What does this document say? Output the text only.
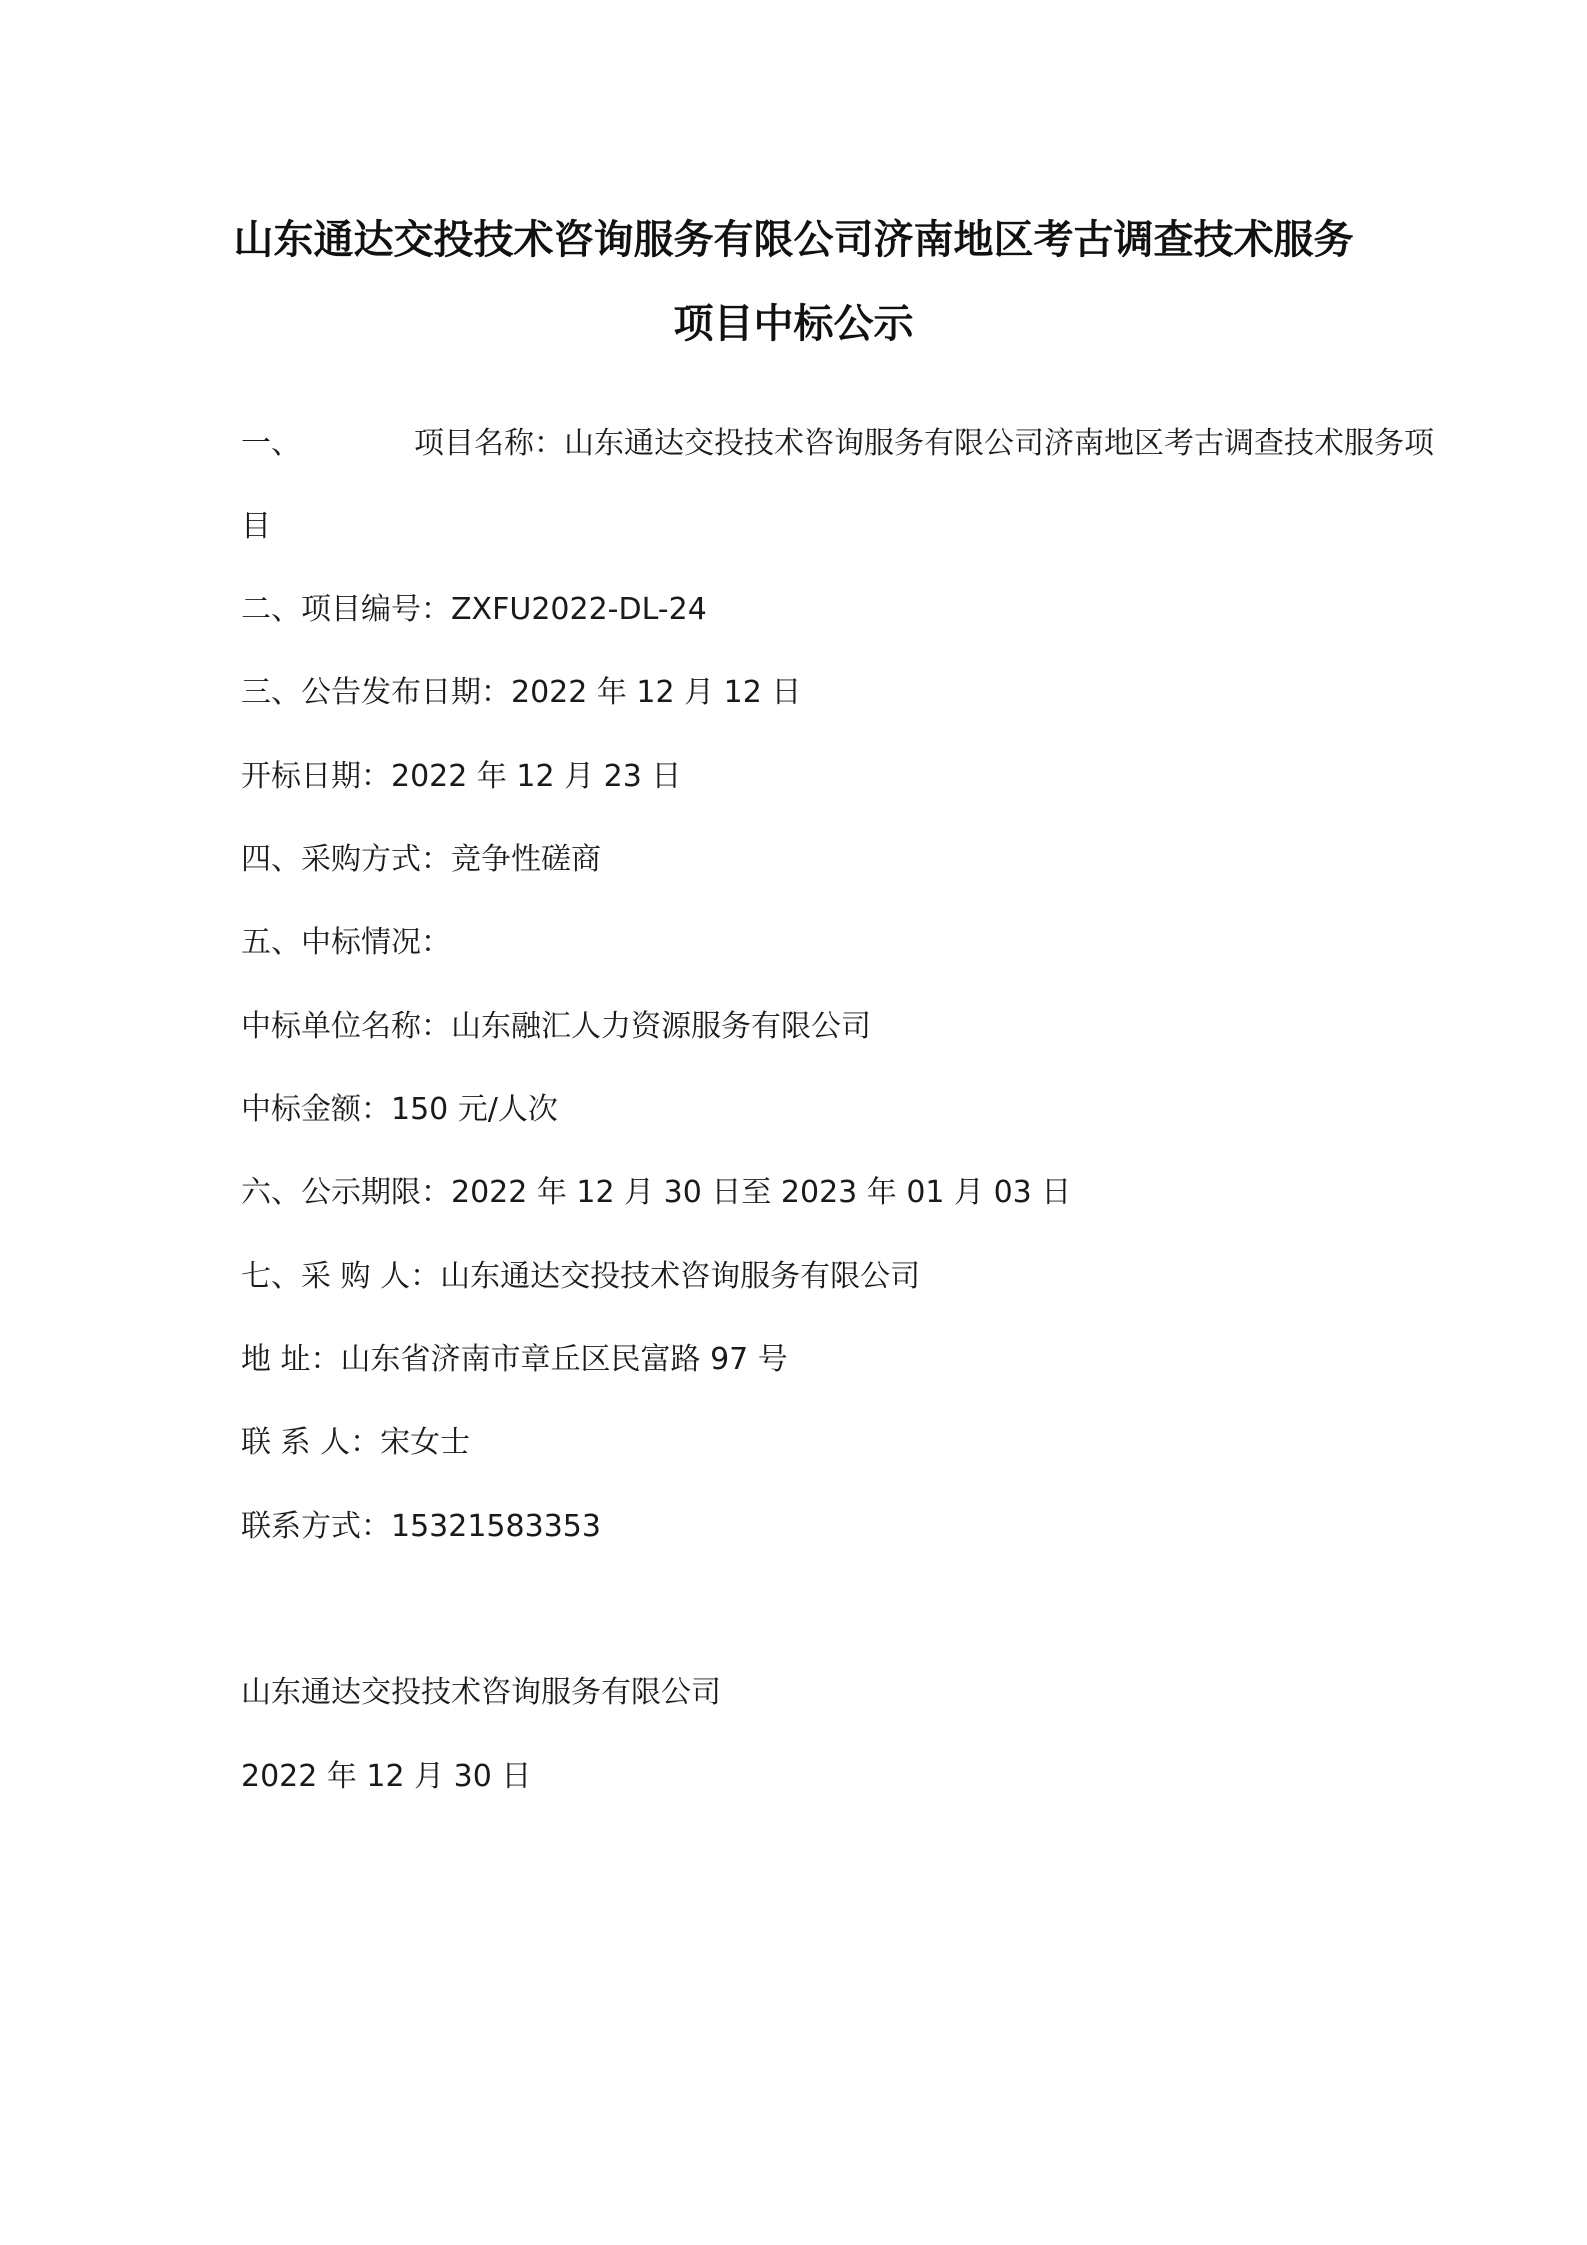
山东通达交投技术咨询服务有限公司济南地区考古调查技术服务
项目中标公示
一、	项目名称：山东通达交投技术咨询服务有限公司济南地区考古调查技术服务项
目
二、项目编号：ZXFU2022-DL-24
三、公告发布日期：2022 年 12 月 12 日
开标日期：2022 年 12 月 23 日
四、采购方式：竞争性磋商
五、中标情况：
中标单位名称：山东融汇人力资源服务有限公司
中标金额：150 元/人次
六、公示期限：2022 年 12 月 30 日至 2023 年 01 月 03 日
七、采 购 人：山东通达交投技术咨询服务有限公司
地 址：山东省济南市章丘区民富路 97 号
联 系 人：宋女士
联系方式：15321583353
山东通达交投技术咨询服务有限公司
2022 年 12 月 30 日
